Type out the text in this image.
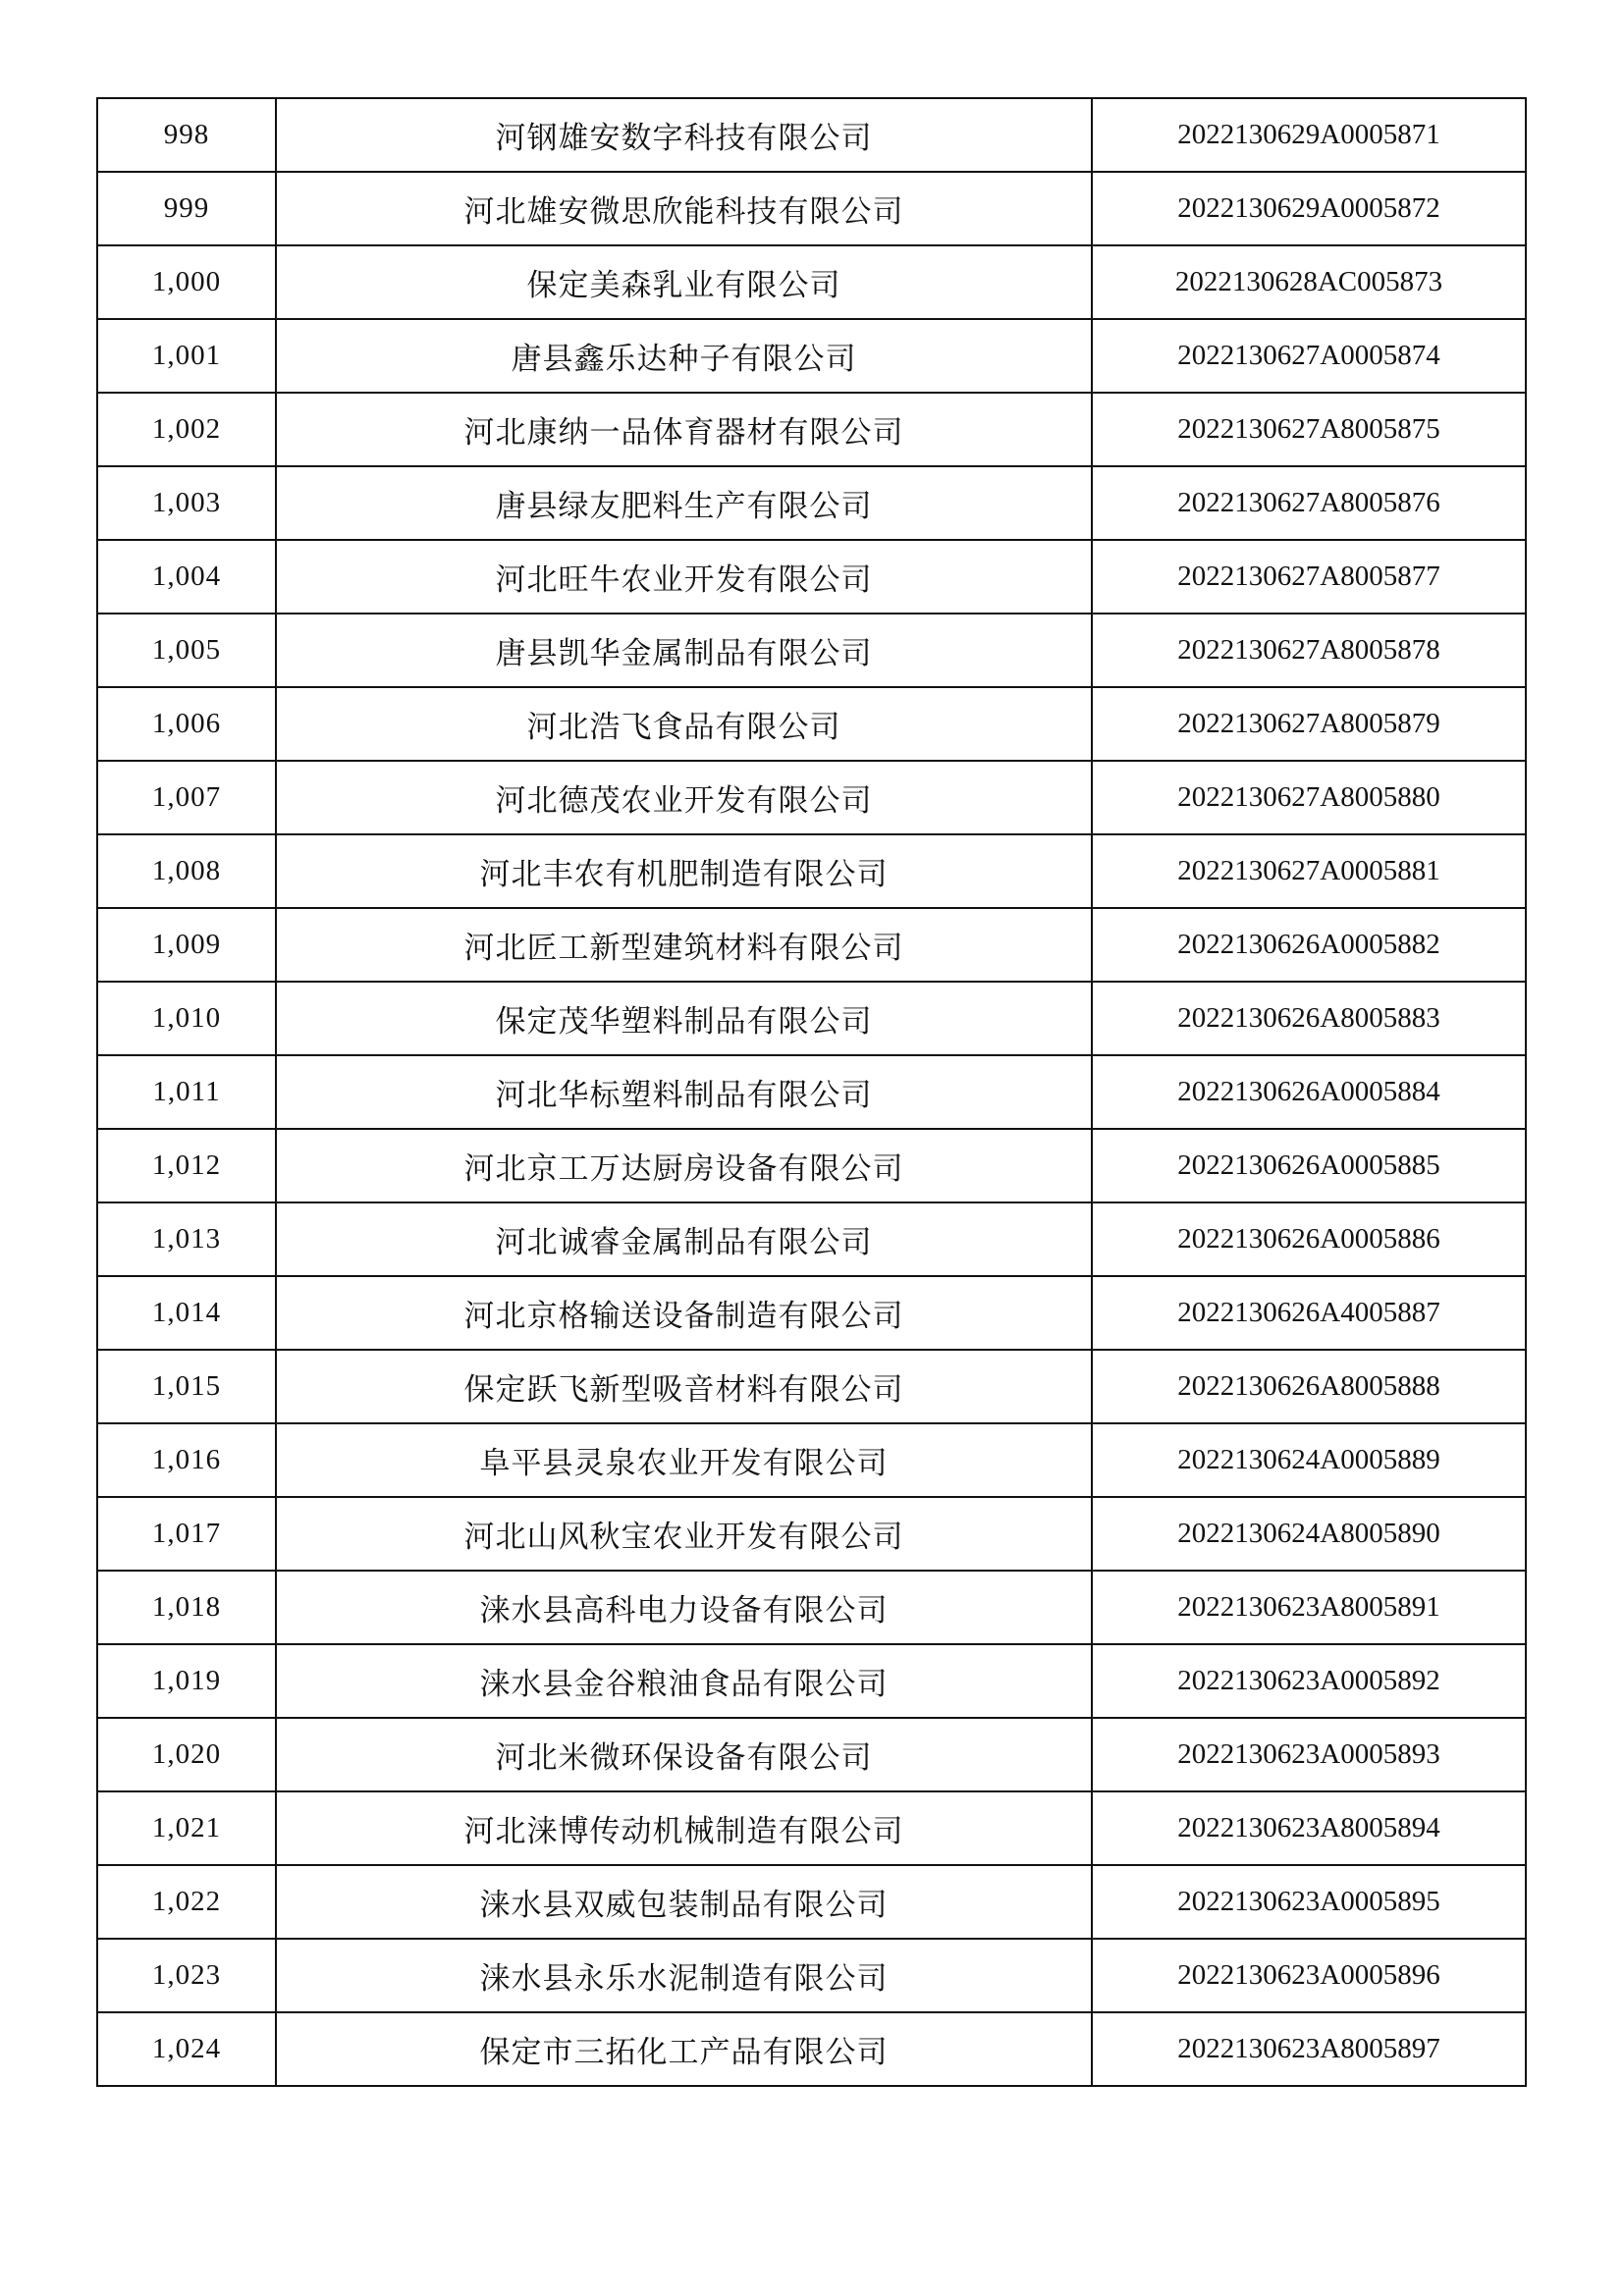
998	河钢雄安数字科技有限公司	2022130629A0005871
999	河北雄安微思欣能科技有限公司	2022130629A0005872
1,000	保定美森乳业有限公司	2022130628AC005873
1,001	唐县鑫乐达种子有限公司	2022130627A0005874
1,002	河北康纳一品体育器材有限公司	2022130627A8005875
1,003	唐县绿友肥料生产有限公司	2022130627A8005876
1,004	河北旺牛农业开发有限公司	2022130627A8005877
1,005	唐县凯华金属制品有限公司	2022130627A8005878
1,006	河北浩飞食品有限公司	2022130627A8005879
1,007	河北德茂农业开发有限公司	2022130627A8005880
1,008	河北丰农有机肥制造有限公司	2022130627A0005881
1,009	河北匠工新型建筑材料有限公司	2022130626A0005882
1,010	保定茂华塑料制品有限公司	2022130626A8005883
1,011	河北华标塑料制品有限公司	2022130626A0005884
1,012	河北京工万达厨房设备有限公司	2022130626A0005885
1,013	河北诚睿金属制品有限公司	2022130626A0005886
1,014	河北京格输送设备制造有限公司	2022130626A4005887
1,015	保定跃飞新型吸音材料有限公司	2022130626A8005888
1,016	阜平县灵泉农业开发有限公司	2022130624A0005889
1,017	河北山风秋宝农业开发有限公司	2022130624A8005890
1,018	涞水县高科电力设备有限公司	2022130623A8005891
1,019	涞水县金谷粮油食品有限公司	2022130623A0005892
1,020	河北米微环保设备有限公司	2022130623A0005893
1,021	河北涞博传动机械制造有限公司	2022130623A8005894
1,022	涞水县双威包装制品有限公司	2022130623A0005895
1,023	涞水县永乐水泥制造有限公司	2022130623A0005896
1,024	保定市三拓化工产品有限公司	2022130623A8005897
